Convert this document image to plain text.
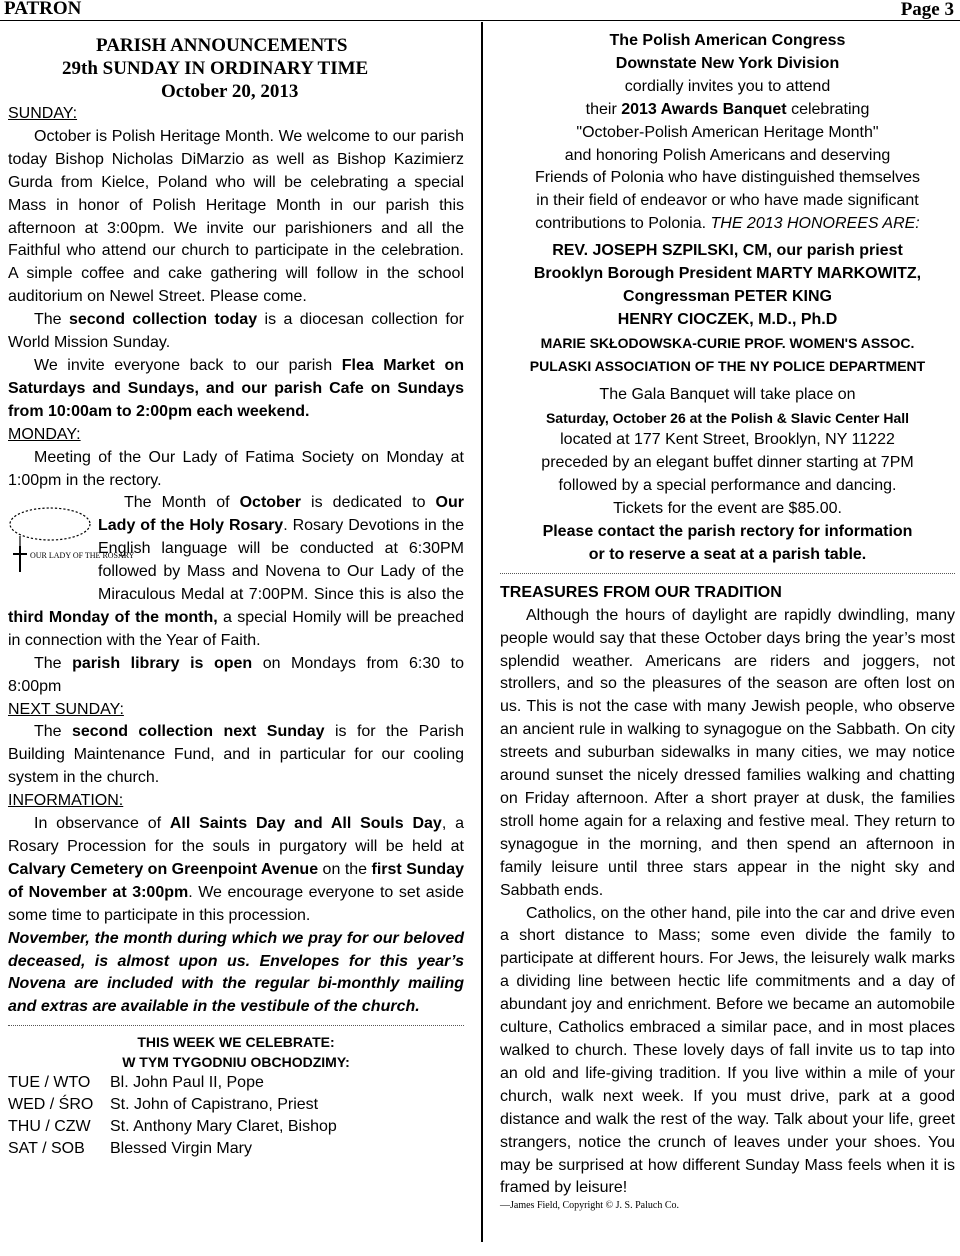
PATRON	Page 3
PARISH ANNOUNCEMENTS
29th SUNDAY IN ORDINARY TIME
October 20, 2013
SUNDAY:
October is Polish Heritage Month. We welcome to our parish today Bishop Nicholas DiMarzio as well as Bishop Kazimierz Gurda from Kielce, Poland who will be celebrating a special Mass in honor of Polish Heritage Month in our parish this afternoon at 3:00pm. We invite our parishioners and all the Faithful who attend our church to participate in the celebration. A simple coffee and cake gathering will follow in the school auditorium on Newel Street. Please come.
The second collection today is a diocesan collection for World Mission Sunday.
We invite everyone back to our parish Flea Market on Saturdays and Sundays, and our parish Cafe on Sundays from 10:00am to 2:00pm each weekend.
MONDAY:
Meeting of the Our Lady of Fatima Society on Monday at 1:00pm in the rectory.
OUR LADY OF THE ROSARY
The Month of October is dedicated to Our Lady of the Holy Rosary. Rosary Devotions in the English language will be conducted at 6:30PM followed by Mass and Novena to Our Lady of the Miraculous Medal at 7:00PM. Since this is also the third Monday of the month, a special Homily will be preached in connection with the Year of Faith.
The parish library is open on Mondays from 6:30 to 8:00pm
NEXT SUNDAY:
The second collection next Sunday is for the Parish Building Maintenance Fund, and in particular for our cooling system in the church.
INFORMATION:
In observance of All Saints Day and All Souls Day, a Rosary Procession for the souls in purgatory will be held at Calvary Cemetery on Greenpoint Avenue on the first Sunday of November at 3:00pm. We encourage everyone to set aside some time to participate in this procession.
November, the month during which we pray for our beloved deceased, is almost upon us. Envelopes for this year’s Novena are included with the regular bi-monthly mailing and extras are available in the vestibule of the church.
THIS WEEK WE CELEBRATE:
W TYM TYGODNIU OBCHODZIMY:
TUE / WTO	Bl. John Paul II, Pope
WED / ŚRO	St. John of Capistrano, Priest
THU / CZW	St. Anthony Mary Claret, Bishop
SAT / SOB	Blessed Virgin Mary
The Polish American Congress
Downstate New York Division
cordially invites you to attend
their 2013 Awards Banquet celebrating
"October-Polish American Heritage Month"
and honoring Polish Americans and deserving
Friends of Polonia who have distinguished themselves
in their field of endeavor or who have made significant
contributions to Polonia. THE 2013 HONOREES ARE:
REV. JOSEPH SZPILSKI, CM, our parish priest
Brooklyn Borough President MARTY MARKOWITZ,
Congressman PETER KING
HENRY CIOCZEK, M.D., Ph.D
MARIE SKŁODOWSKA-CURIE PROF. WOMEN'S ASSOC.
PULASKI ASSOCIATION OF THE NY POLICE DEPARTMENT
The Gala Banquet will take place on
Saturday, October 26 at the Polish & Slavic Center Hall
located at 177 Kent Street, Brooklyn, NY 11222
preceded by an elegant buffet dinner starting at 7PM
followed by a special performance and dancing.
Tickets for the event are $85.00.
Please contact the parish rectory for information
or to reserve a seat at a parish table.
TREASURES FROM OUR TRADITION
Although the hours of daylight are rapidly dwindling, many people would say that these October days bring the year’s most splendid weather. Americans are riders and joggers, not strollers, and so the pleasures of the season are often lost on us. This is not the case with many Jewish people, who observe an ancient rule in walking to synagogue on the Sabbath. On city streets and suburban sidewalks in many cities, we may notice around sunset the nicely dressed families walking and chatting on Friday afternoon. After a short prayer at dusk, the families stroll home again for a relaxing and festive meal. They return to synagogue in the morning, and then spend an afternoon in family leisure until three stars appear in the night sky and Sabbath ends.
Catholics, on the other hand, pile into the car and drive even a short distance to Mass; some even divide the family to participate at different hours. For Jews, the leisurely walk marks a dividing line between hectic life commitments and a day of abundant joy and enrichment. Before we became an automobile culture, Catholics embraced a similar pace, and in most places walked to church. These lovely days of fall invite us to tap into an old and life-giving tradition. If you live within a mile of your church, walk next week. If you must drive, park at a good distance and walk the rest of the way. Talk about your life, greet strangers, notice the crunch of leaves under your shoes. You may be surprised at how different Sunday Mass feels when it is framed by leisure!
—James Field, Copyright © J. S. Paluch Co.
